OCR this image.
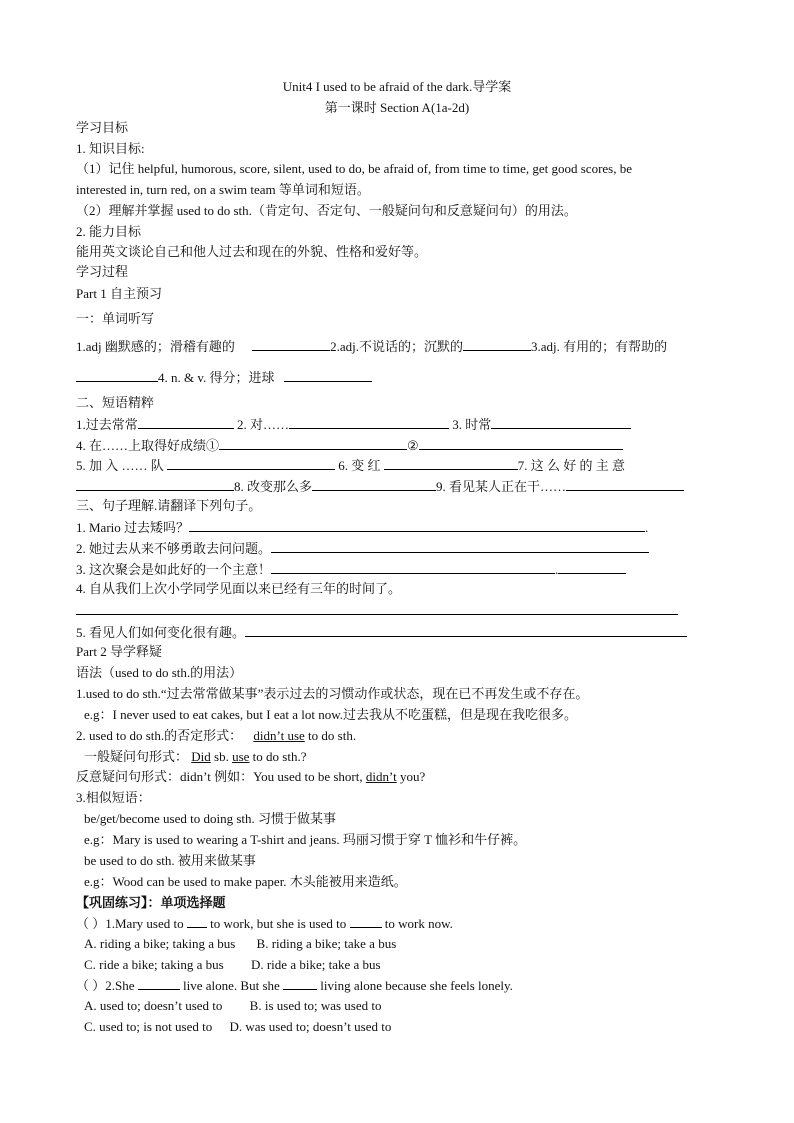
Unit4 I used to be afraid of the dark.导学案
第一课时 Section A(1a-2d)
学习目标
1. 知识目标:
（1）记住 helpful, humorous, score, silent, used to do, be afraid of, from time to time, get good scores, be
interested in, turn red, on a swim team 等单词和短语。
（2）理解并掌握 used to do sth.（肯定句、否定句、一般疑问句和反意疑问句）的用法。
2. 能力目标
能用英文谈论自己和他人过去和现在的外貌、性格和爱好等。
学习过程
Part 1 自主预习
一：单词听写
1.adj 幽默感的；滑稽有趣的	2.adj.不说话的；沉默的	3.adj. 有用的；有帮助的
4. n. & v. 得分；进球
二、短语精粹
1.过去常常	2. 对……	3. 时常
4. 在……上取得好成绩①	②
5. 加 入 …… 队	6. 变 红	7. 这 么 好 的 主 意
8. 改变那么多	9. 看见某人正在干……
三、句子理解.请翻译下列句子。
1. Mario 过去矮吗？	.
2. 她过去从来不够勇敢去问问题。
3. 这次聚会是如此好的一个主意！	.
4. 自从我们上次小学同学见面以来已经有三年的时间了。
5. 看见人们如何变化很有趣。
Part 2 导学释疑
语法（used to do sth.的用法）
1.used to do sth.“过去常常做某事”表示过去的习惯动作或状态，现在已不再发生或不存在。
e.g：I never used to eat cakes, but I eat a lot now.过去我从不吃蛋糕，但是现在我吃很多。
2. used to do sth.的否定形式： didn’t use to do sth.
一般疑问句形式： Did sb. use to do sth.?
反意疑问句形式：didn’t 例如：You used to be short, didn’t you?
3.相似短语：
be/get/become used to doing sth. 习惯于做某事
e.g：Mary is used to wearing a T-shirt and jeans. 玛丽习惯于穿 T 恤衫和牛仔裤。
be used to do sth. 被用来做某事
e.g：Wood can be used to make paper. 木头能被用来造纸。
【巩固练习】：单项选择题
（ ）1.Mary used to to work, but she is used to	to work now.
A. riding a bike; taking a bus B. riding a bike; take a bus
C. ride a bike; taking a bus D. ride a bike; take a bus
（ ）2.She	live alone. But she	living alone because she feels lonely.
A. used to; doesn’t used to B. is used to; was used to
C. used to; is not used to D. was used to; doesn’t used to
